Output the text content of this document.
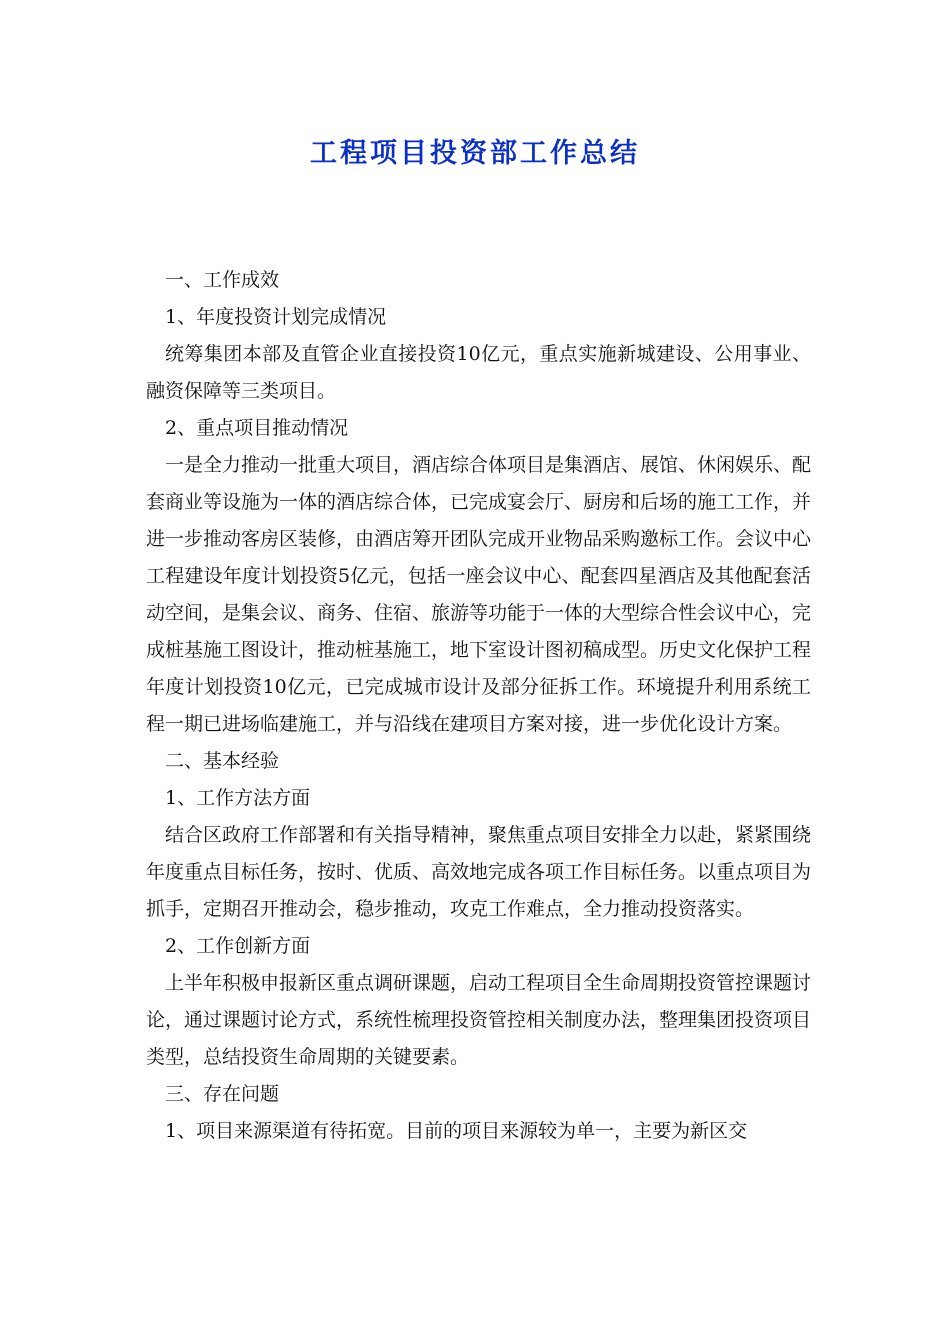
工程项目投资部工作总结

一、工作成效

1、年度投资计划完成情况

统筹集团本部及直管企业直接投资10亿元，重点实施新城建设、公用事业、融资保障等三类项目。

2、重点项目推动情况

一是全力推动一批重大项目，酒店综合体项目是集酒店、展馆、休闲娱乐、配套商业等设施为一体的酒店综合体，已完成宴会厅、厨房和后场的施工工作，并进一步推动客房区装修，由酒店筹开团队完成开业物品采购邀标工作。会议中心工程建设年度计划投资5亿元，包括一座会议中心、配套四星酒店及其他配套活动空间，是集会议、商务、住宿、旅游等功能于一体的大型综合性会议中心，完成桩基施工图设计，推动桩基施工，地下室设计图初稿成型。历史文化保护工程年度计划投资10亿元，已完成城市设计及部分征拆工作。环境提升利用系统工程一期已进场临建施工，并与沿线在建项目方案对接，进一步优化设计方案。

二、基本经验

1、工作方法方面

结合区政府工作部署和有关指导精神，聚焦重点项目安排全力以赴，紧紧围绕年度重点目标任务，按时、优质、高效地完成各项工作目标任务。以重点项目为抓手，定期召开推动会，稳步推动，攻克工作难点，全力推动投资落实。

2、工作创新方面

上半年积极申报新区重点调研课题，启动工程项目全生命周期投资管控课题讨论，通过课题讨论方式，系统性梳理投资管控相关制度办法，整理集团投资项目类型，总结投资生命周期的关键要素。

三、存在问题

1、项目来源渠道有待拓宽。目前的项目来源较为单一，主要为新区交
